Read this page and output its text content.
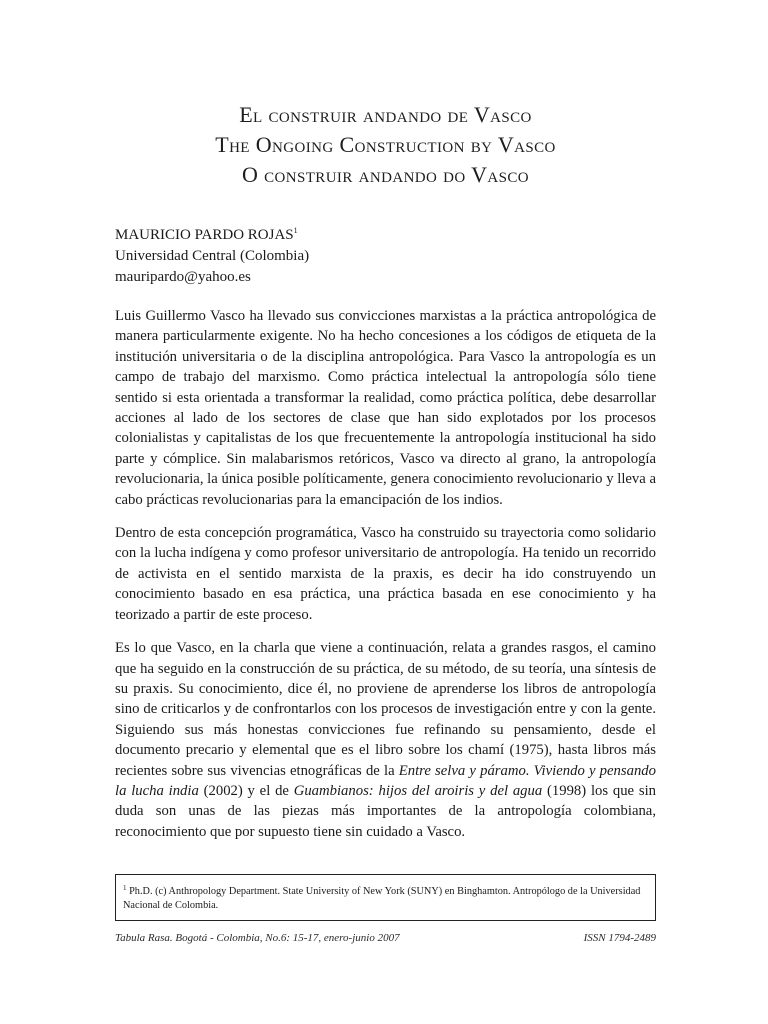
El construir andando de Vasco
The Ongoing Construction by Vasco
O construir andando do Vasco
MAURICIO PARDO ROJAS$^1$
Universidad Central (Colombia)
mauripardo@yahoo.es

Luis Guillermo Vasco ha llevado sus convicciones marxistas a la práctica antropológica de manera particularmente exigente. No ha hecho concesiones a los códigos de etiqueta de la institución universitaria o de la disciplina antropológica. Para Vasco la antropología es un campo de trabajo del marxismo. Como práctica intelectual la antropología sólo tiene sentido si esta orientada a transformar la realidad, como práctica política, debe desarrollar acciones al lado de los sectores de clase que han sido explotados por los procesos colonialistas y capitalistas de los que frecuentemente la antropología institucional ha sido parte y cómplice. Sin malabarismos retóricos, Vasco va directo al grano, la antropología revolucionaria, la única posible políticamente, genera conocimiento revolucionario y lleva a cabo prácticas revolucionarias para la emancipación de los indios.

Dentro de esta concepción programática, Vasco ha construido su trayectoria como solidario con la lucha indígena y como profesor universitario de antropología. Ha tenido un recorrido de activista en el sentido marxista de la praxis, es decir ha ido construyendo un conocimiento basado en esa práctica, una práctica basada en ese conocimiento y ha teorizado a partir de este proceso.

Es lo que Vasco, en la charla que viene a continuación, relata a grandes rasgos, el camino que ha seguido en la construcción de su práctica, de su método, de su teoría, una síntesis de su praxis. Su conocimiento, dice él, no proviene de aprenderse los libros de antropología sino de criticarlos y de confrontarlos con los procesos de investigación entre y con la gente. Siguiendo sus más honestas convicciones fue refinando su pensamiento, desde el documento precario y elemental que es el libro sobre los chamí (1975), hasta libros más recientes sobre sus vivencias etnográficas de la Entre selva y páramo. Viviendo y pensando la lucha india (2002) y el de Guambianos: hijos del aroiris y del agua (1998) los que sin duda son unas de las piezas más importantes de la antropología colombiana, reconocimiento que por supuesto tiene sin cuidado a Vasco.

$^1$ Ph.D. (c) Anthropology Department. State University of New York (SUNY) en Binghamton. Antropólogo de la Universidad Nacional de Colombia.
Tabula Rasa. Bogotá - Colombia, No.6: 15-17, enero-junio 2007	ISSN 1794-2489
